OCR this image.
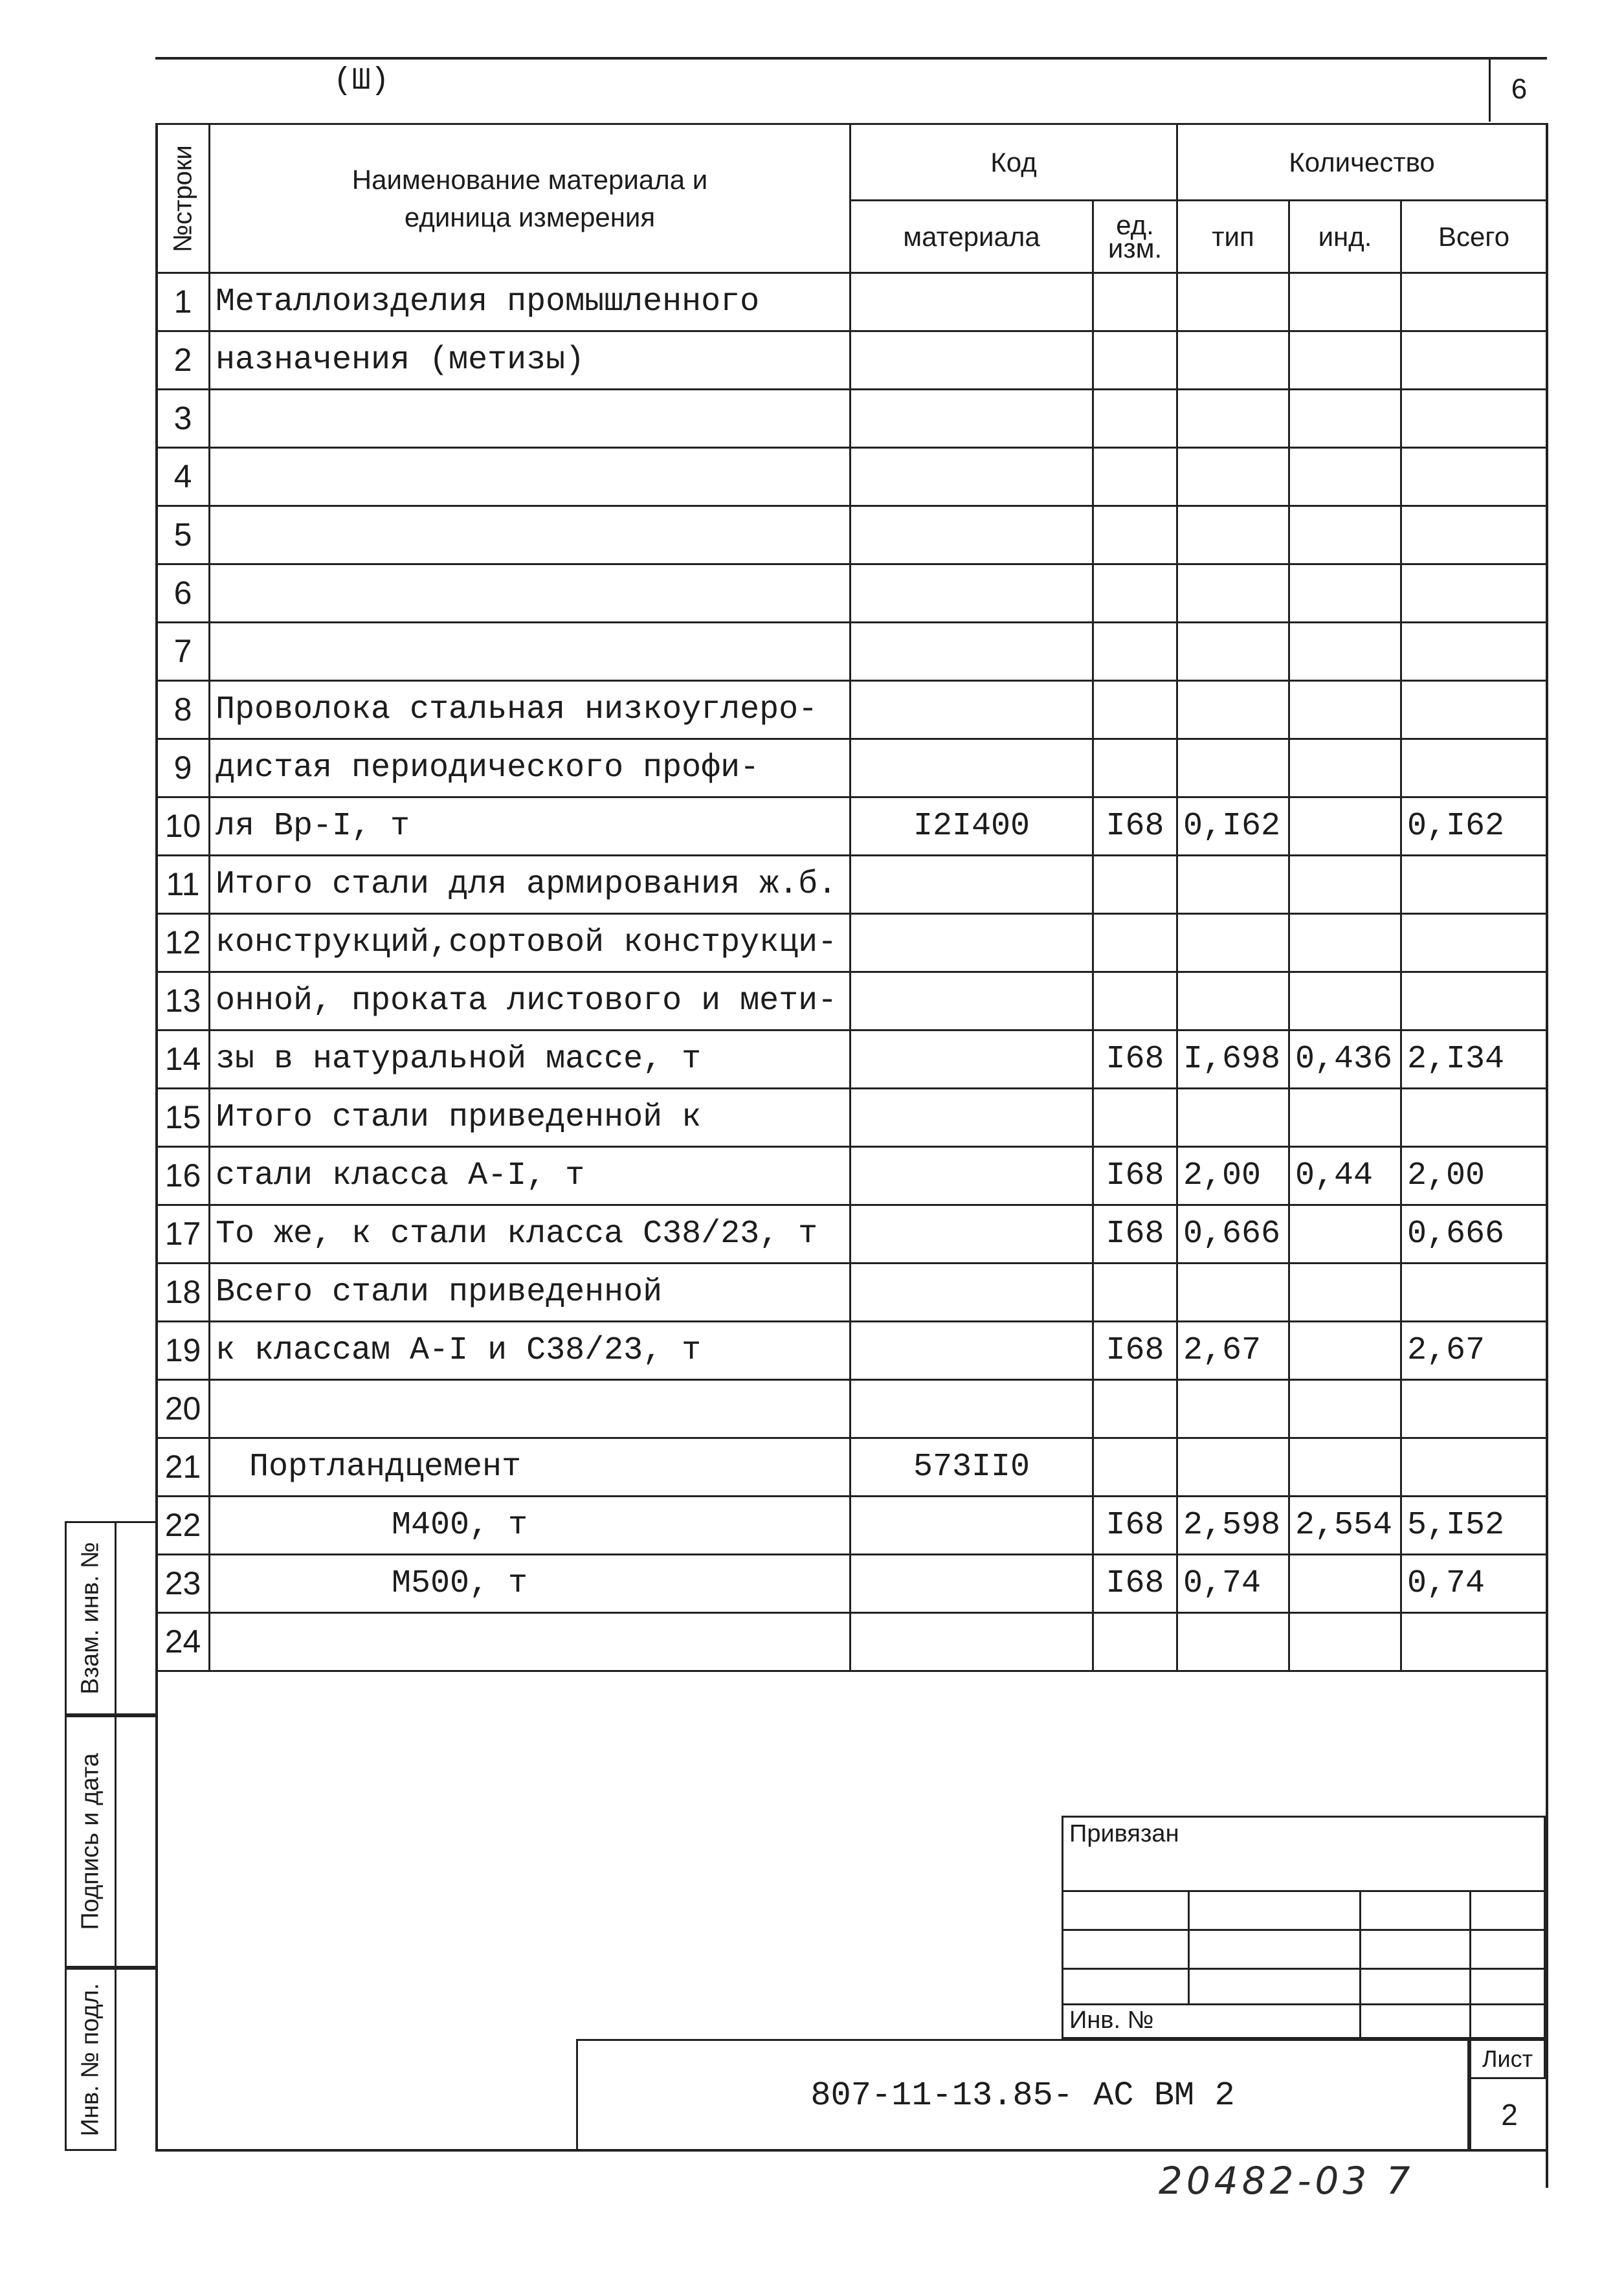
(Ш)	6
№строки	Наименование материала и единица измерения	Код		Количество		
		материала	ед. изм.	тип	инд.	Всего
1	Металлоизделия промышленного					
2	назначения (метизы)					
3						
4						
5						
6						
7						
8	Проволока стальная низкоуглеро-					
9	дистая периодического профи-					
10	ля Вр-I, т	I2I400	I68	0,I62		0,I62
11	Итого стали для армирования ж.б.					
12	конструкций,сортовой конструкци-					
13	онной, проката листового и мети-					
14	зы в натуральной массе, т		I68	I,698	0,436	2,I34
15	Итого стали приведенной к					
16	стали класса А-I, т		I68	2,00	0,44	2,00
17	То же, к стали класса С38/23, т		I68	0,666		0,666
18	Всего стали приведенной					
19	к классам А-I и С38/23, т		I68	2,67		2,67
20						
21	Портландцемент	573II0				
22	М400, т		I68	2,598	2,554	5,I52
23	М500, т		I68	0,74		0,74
24						
Взам. инв. №
Подпись и дата
Инв. № подл.
Привязан
Инв. №
807-11-13.85- АС ВМ 2
Лист
2
20482-03 7
